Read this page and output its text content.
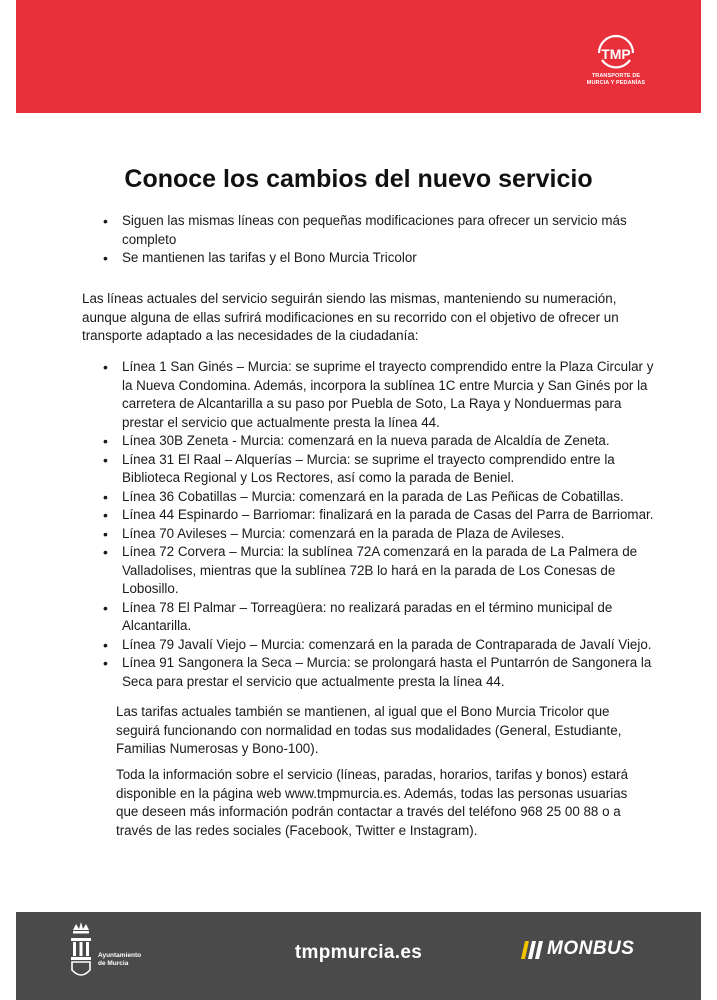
TMP
TRANSPORTE DE
MURCIA Y PEDANÍAS
Conoce los cambios del nuevo servicio
• Siguen las mismas líneas con pequeñas modificaciones para ofrecer un servicio más completo
• Se mantienen las tarifas y el Bono Murcia Tricolor

Las líneas actuales del servicio seguirán siendo las mismas, manteniendo su numeración, aunque alguna de ellas sufrirá modificaciones en su recorrido con el objetivo de ofrecer un transporte adaptado a las necesidades de la ciudadanía:

• Línea 1 San Ginés – Murcia: se suprime el trayecto comprendido entre la Plaza Circular y la Nueva Condomina. Además, incorpora la sublínea 1C entre Murcia y San Ginés por la carretera de Alcantarilla a su paso por Puebla de Soto, La Raya y Nonduermas para prestar el servicio que actualmente presta la línea 44.
• Línea 30B Zeneta - Murcia: comenzará en la nueva parada de Alcaldía de Zeneta.
• Línea 31 El Raal – Alquerías – Murcia: se suprime el trayecto comprendido entre la Biblioteca Regional y Los Rectores, así como la parada de Beniel.
• Línea 36 Cobatillas – Murcia: comenzará en la parada de Las Peñicas de Cobatillas.
• Línea 44 Espinardo – Barriomar: finalizará en la parada de Casas del Parra de Barriomar.
• Línea 70 Avileses – Murcia: comenzará en la parada de Plaza de Avileses.
• Línea 72 Corvera – Murcia: la sublínea 72A comenzará en la parada de La Palmera de Valladolises, mientras que la sublínea 72B lo hará en la parada de Los Conesas de Lobosillo.
• Línea 78 El Palmar – Torreagüera: no realizará paradas en el término municipal de Alcantarilla.
• Línea 79 Javalí Viejo – Murcia: comenzará en la parada de Contraparada de Javalí Viejo.
• Línea 91 Sangonera la Seca – Murcia: se prolongará hasta el Puntarrón de Sangonera la Seca para prestar el servicio que actualmente presta la línea 44.

Las tarifas actuales también se mantienen, al igual que el Bono Murcia Tricolor que seguirá funcionando con normalidad en todas sus modalidades (General, Estudiante, Familias Numerosas y Bono-100).

Toda la información sobre el servicio (líneas, paradas, horarios, tarifas y bonos) estará disponible en la página web www.tmpmurcia.es. Además, todas las personas usuarias que deseen más información podrán contactar a través del teléfono 968 25 00 88 o a través de las redes sociales (Facebook, Twitter e Instagram).

Ayuntamiento
de Murcia
tmpmurcia.es	MONBUS
